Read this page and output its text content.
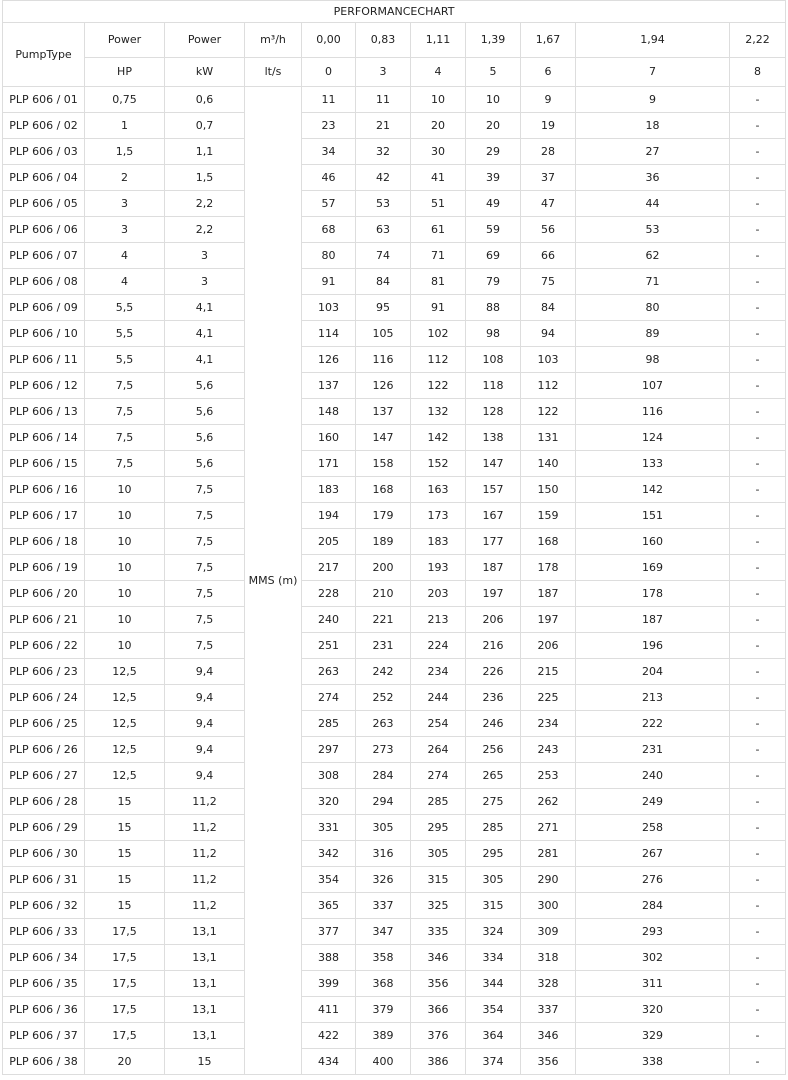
PERFORMANCECHART										
PumpType	Power	Power	m³/h	0,00	0,83	1,11	1,39	1,67	1,94	2,22
	HP	kW	lt/s	0	3	4	5	6	7	8
PLP 606 / 01	0,75	0,6	MMS (m)	11	11	10	10	9	9	-
PLP 606 / 02	1	0,7		23	21	20	20	19	18	-
PLP 606 / 03	1,5	1,1		34	32	30	29	28	27	-
PLP 606 / 04	2	1,5		46	42	41	39	37	36	-
PLP 606 / 05	3	2,2		57	53	51	49	47	44	-
PLP 606 / 06	3	2,2		68	63	61	59	56	53	-
PLP 606 / 07	4	3		80	74	71	69	66	62	-
PLP 606 / 08	4	3		91	84	81	79	75	71	-
PLP 606 / 09	5,5	4,1		103	95	91	88	84	80	-
PLP 606 / 10	5,5	4,1		114	105	102	98	94	89	-
PLP 606 / 11	5,5	4,1		126	116	112	108	103	98	-
PLP 606 / 12	7,5	5,6		137	126	122	118	112	107	-
PLP 606 / 13	7,5	5,6		148	137	132	128	122	116	-
PLP 606 / 14	7,5	5,6		160	147	142	138	131	124	-
PLP 606 / 15	7,5	5,6		171	158	152	147	140	133	-
PLP 606 / 16	10	7,5		183	168	163	157	150	142	-
PLP 606 / 17	10	7,5		194	179	173	167	159	151	-
PLP 606 / 18	10	7,5		205	189	183	177	168	160	-
PLP 606 / 19	10	7,5		217	200	193	187	178	169	-
PLP 606 / 20	10	7,5		228	210	203	197	187	178	-
PLP 606 / 21	10	7,5		240	221	213	206	197	187	-
PLP 606 / 22	10	7,5		251	231	224	216	206	196	-
PLP 606 / 23	12,5	9,4		263	242	234	226	215	204	-
PLP 606 / 24	12,5	9,4		274	252	244	236	225	213	-
PLP 606 / 25	12,5	9,4		285	263	254	246	234	222	-
PLP 606 / 26	12,5	9,4		297	273	264	256	243	231	-
PLP 606 / 27	12,5	9,4		308	284	274	265	253	240	-
PLP 606 / 28	15	11,2		320	294	285	275	262	249	-
PLP 606 / 29	15	11,2		331	305	295	285	271	258	-
PLP 606 / 30	15	11,2		342	316	305	295	281	267	-
PLP 606 / 31	15	11,2		354	326	315	305	290	276	-
PLP 606 / 32	15	11,2		365	337	325	315	300	284	-
PLP 606 / 33	17,5	13,1		377	347	335	324	309	293	-
PLP 606 / 34	17,5	13,1		388	358	346	334	318	302	-
PLP 606 / 35	17,5	13,1		399	368	356	344	328	311	-
PLP 606 / 36	17,5	13,1		411	379	366	354	337	320	-
PLP 606 / 37	17,5	13,1		422	389	376	364	346	329	-
PLP 606 / 38	20	15		434	400	386	374	356	338	-
